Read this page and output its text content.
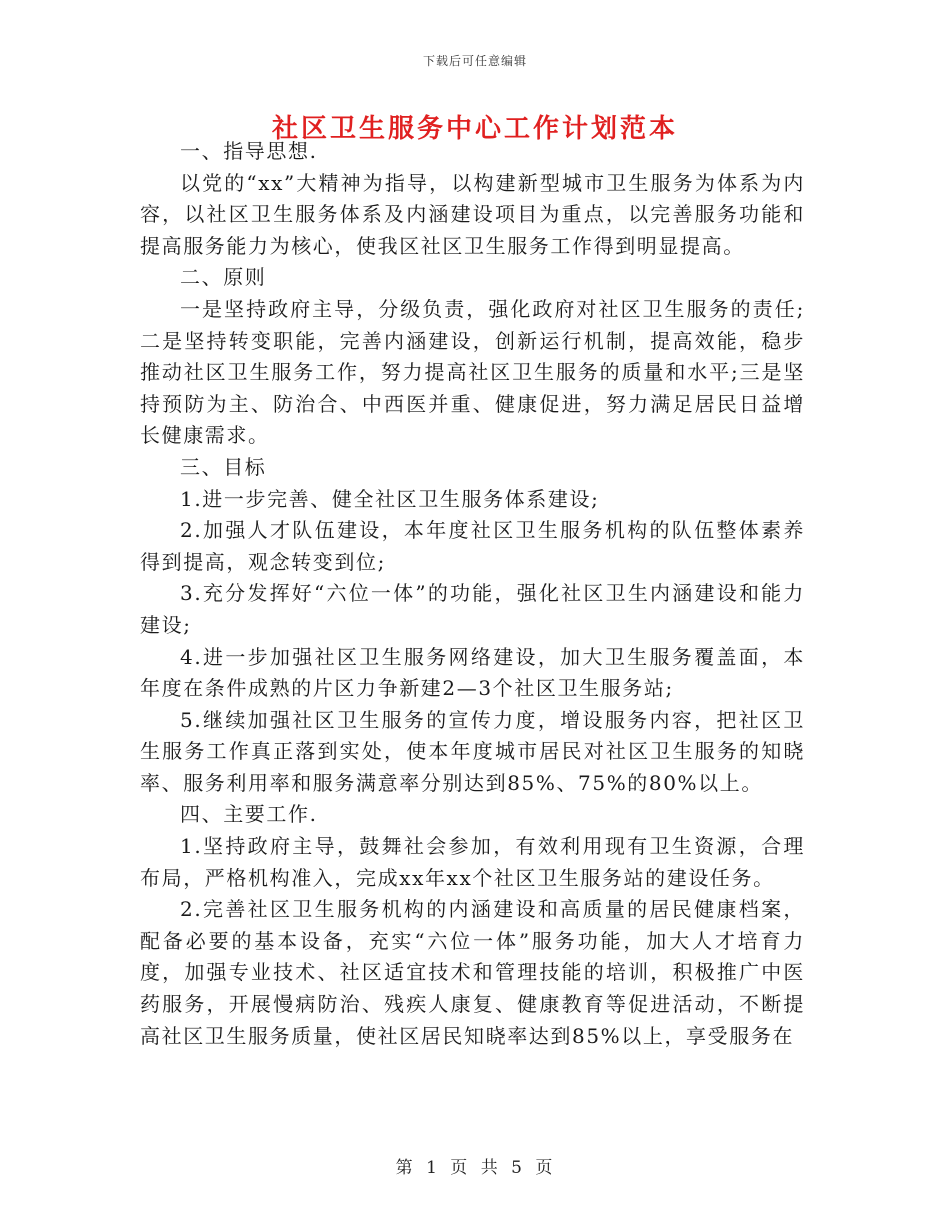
下载后可任意编辑
社区卫生服务中心工作计划范本

一、指导思想.

以党的“xx”大精神为指导，以构建新型城市卫生服务为体系为内容，以社区卫生服务体系及内涵建设项目为重点，以完善服务功能和提高服务能力为核心，使我区社区卫生服务工作得到明显提高。

二、原则

一是坚持政府主导，分级负责，强化政府对社区卫生服务的责任;二是坚持转变职能，完善内涵建设，创新运行机制，提高效能，稳步推动社区卫生服务工作，努力提高社区卫生服务的质量和水平;三是坚持预防为主、防治合、中西医并重、健康促进，努力满足居民日益增长健康需求。

三、目标

1.进一步完善、健全社区卫生服务体系建设;

2.加强人才队伍建设，本年度社区卫生服务机构的队伍整体素养得到提高，观念转变到位;

3.充分发挥好“六位一体”的功能，强化社区卫生内涵建设和能力建设;

4.进一步加强社区卫生服务网络建设，加大卫生服务覆盖面，本年度在条件成熟的片区力争新建2—3个社区卫生服务站;

5.继续加强社区卫生服务的宣传力度，增设服务内容，把社区卫生服务工作真正落到实处，使本年度城市居民对社区卫生服务的知晓率、服务利用率和服务满意率分别达到85%、75%的80%以上。

四、主要工作.

1.坚持政府主导，鼓舞社会参加，有效利用现有卫生资源，合理布局，严格机构准入，完成xx年xx个社区卫生服务站的建设任务。

2.完善社区卫生服务机构的内涵建设和高质量的居民健康档案，配备必要的基本设备，充实“六位一体”服务功能，加大人才培育力度，加强专业技术、社区适宜技术和管理技能的培训，积极推广中医药服务，开展慢病防治、残疾人康复、健康教育等促进活动，不断提高社区卫生服务质量，使社区居民知晓率达到85%以上，享受服务在

第 1 页 共 5 页
